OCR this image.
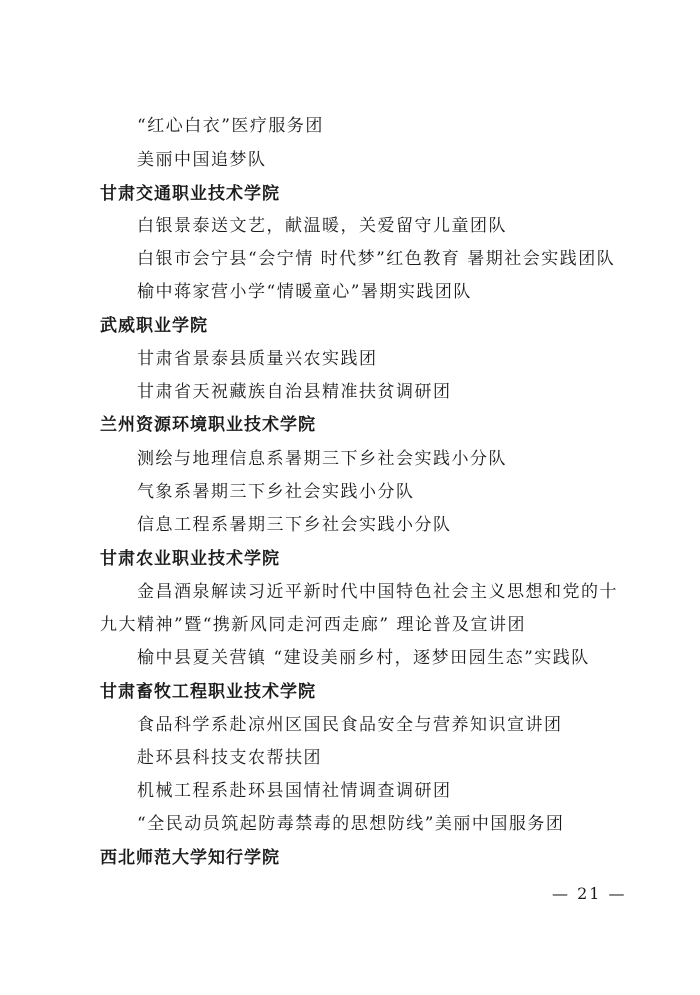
“红心白衣”医疗服务团
美丽中国追梦队
甘肃交通职业技术学院
白银景泰送文艺，献温暖，关爱留守儿童团队
白银市会宁县“会宁情 时代梦”红色教育 暑期社会实践团队
榆中蒋家营小学“情暖童心”暑期实践团队
武威职业学院
甘肃省景泰县质量兴农实践团
甘肃省天祝藏族自治县精准扶贫调研团
兰州资源环境职业技术学院
测绘与地理信息系暑期三下乡社会实践小分队
气象系暑期三下乡社会实践小分队
信息工程系暑期三下乡社会实践小分队
甘肃农业职业技术学院
金昌酒泉解读习近平新时代中国特色社会主义思想和党的十
九大精神”暨“携新风同走河西走廊” 理论普及宣讲团
榆中县夏关营镇 “建设美丽乡村，逐梦田园生态”实践队
甘肃畜牧工程职业技术学院
食品科学系赴凉州区国民食品安全与营养知识宣讲团
赴环县科技支农帮扶团
机械工程系赴环县国情社情调查调研团
“全民动员筑起防毒禁毒的思想防线”美丽中国服务团
西北师范大学知行学院
— 21 —
